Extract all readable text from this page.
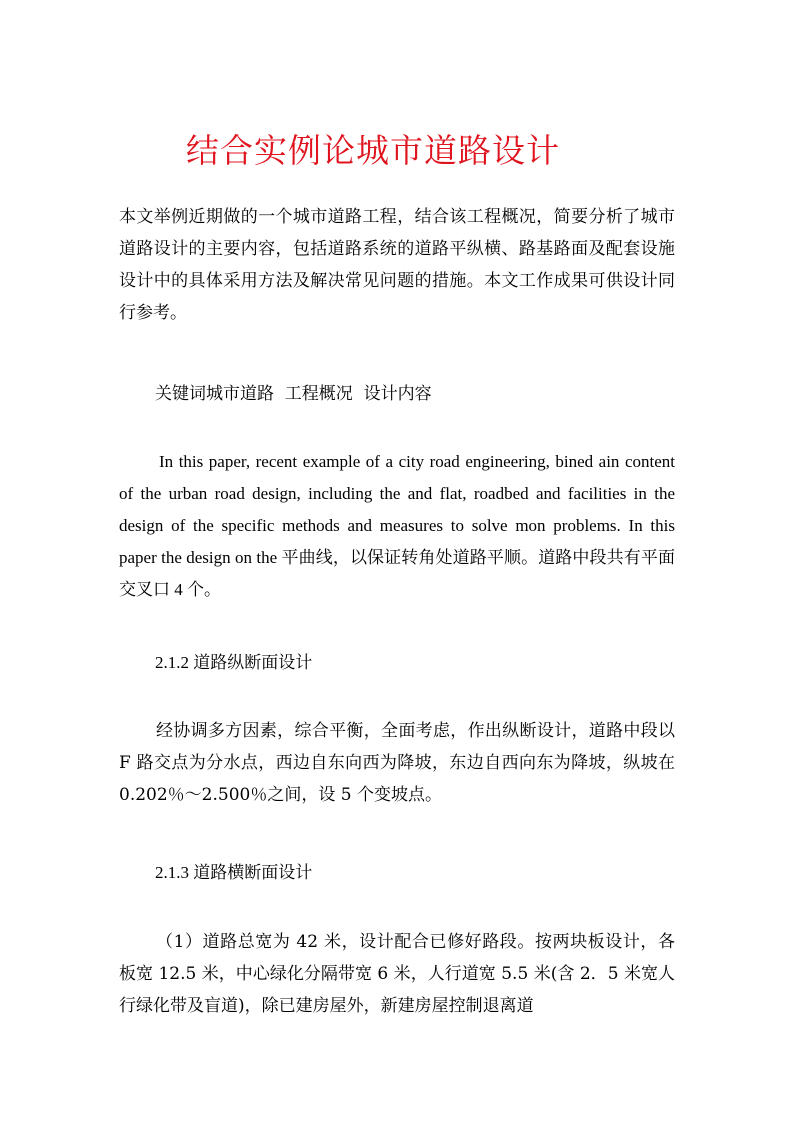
结合实例论城市道路设计

本文举例近期做的一个城市道路工程，结合该工程概况，简要分析了城市道路设计的主要内容，包括道路系统的道路平纵横、路基路面及配套设施设计中的具体采用方法及解决常见问题的措施。本文工作成果可供设计同行参考。

关键词城市道路  工程概况  设计内容

In this paper, recent example of a city road engineering, bined ain content of the urban road design, including the and flat, roadbed and facilities in the design of the specific methods and measures to solve mon problems. In this paper the design on the 平曲线，以保证转角处道路平顺。道路中段共有平面交叉口 4 个。

2.1.2 道路纵断面设计

经协调多方因素，综合平衡，全面考虑，作出纵断设计，道路中段以 F 路交点为分水点，西边自东向西为降坡，东边自西向东为降坡，纵坡在 0.202％～2.500％之间，设 5 个变坡点。

2.1.3 道路横断面设计

（1）道路总宽为 42 米，设计配合已修好路段。按两块板设计，各板宽 12.5 米，中心绿化分隔带宽 6 米，人行道宽 5.5 米(含 2．5 米宽人行绿化带及盲道)，除已建房屋外，新建房屋控制退离道
